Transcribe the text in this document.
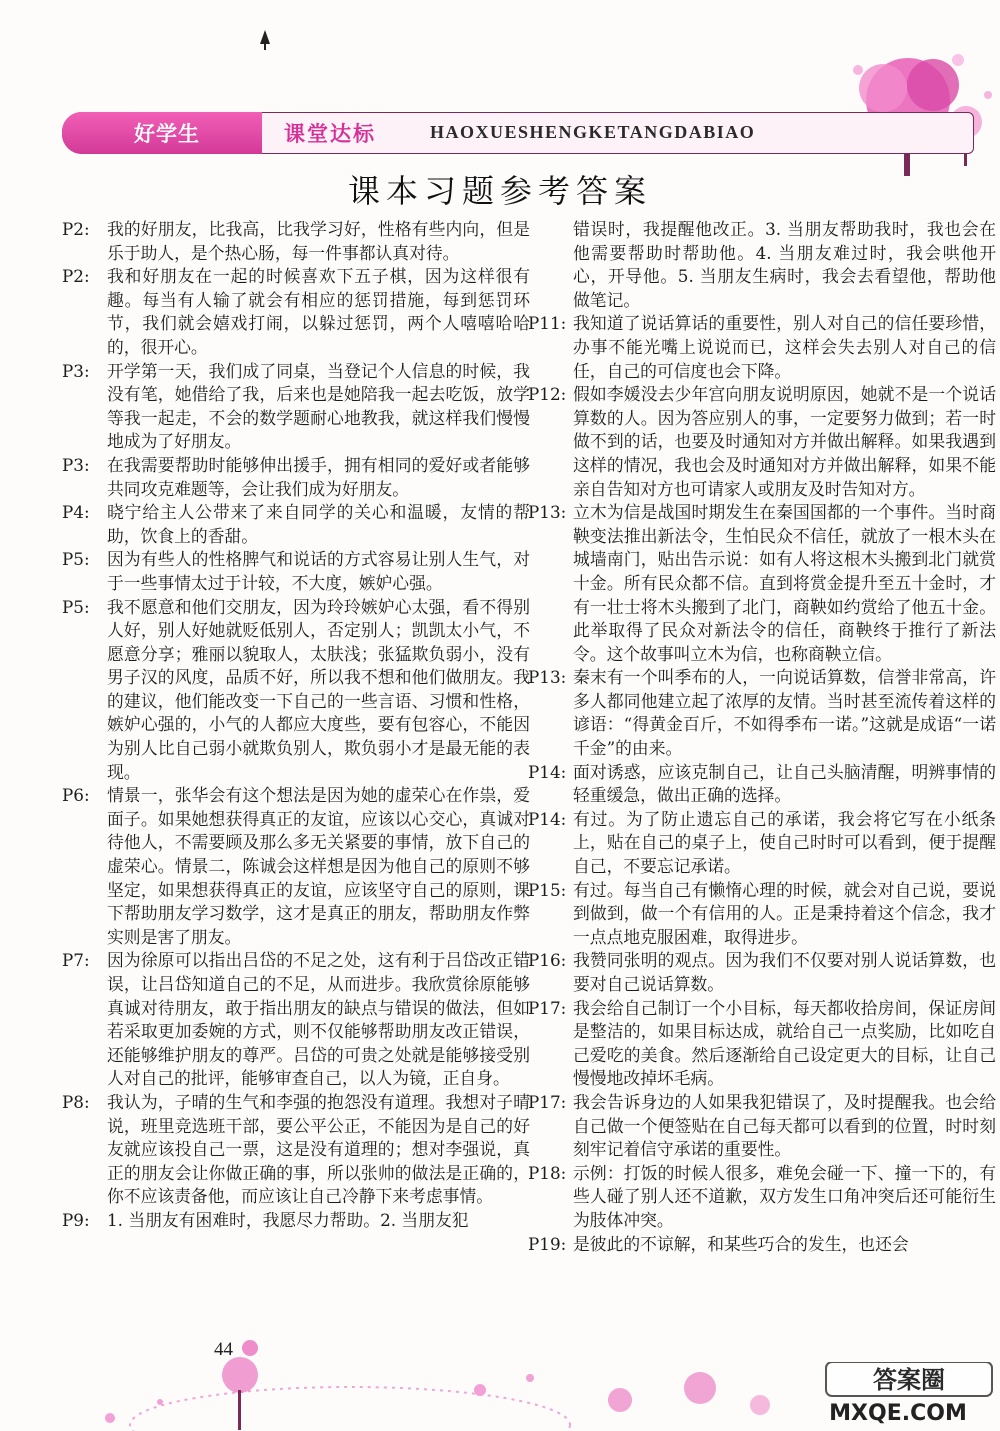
好学生	课堂达标	HAOXUESHENGKETANGDABIAO
课本习题参考答案
P2:	我的好朋友，比我高，比我学习好，性格有些内向，但是乐于助人，是个热心肠，每一件事都认真对待。
P2:	我和好朋友在一起的时候喜欢下五子棋，因为这样很有趣。每当有人输了就会有相应的惩罚措施，每到惩罚环节，我们就会嬉戏打闹，以躲过惩罚，两个人嘻嘻哈哈的，很开心。
P3:	开学第一天，我们成了同桌，当登记个人信息的时候，我没有笔，她借给了我，后来也是她陪我一起去吃饭，放学等我一起走，不会的数学题耐心地教我，就这样我们慢慢地成为了好朋友。
P3:	在我需要帮助时能够伸出援手，拥有相同的爱好或者能够共同攻克难题等，会让我们成为好朋友。
P4:	晓宁给主人公带来了来自同学的关心和温暖，友情的帮助，饮食上的香甜。
P5:	因为有些人的性格脾气和说话的方式容易让别人生气，对于一些事情太过于计较，不大度，嫉妒心强。
P5:	我不愿意和他们交朋友，因为玲玲嫉妒心太强，看不得别人好，别人好她就贬低别人，否定别人；凯凯太小气，不愿意分享；雅丽以貌取人，太肤浅；张猛欺负弱小，没有男子汉的风度，品质不好，所以我不想和他们做朋友。我的建议，他们能改变一下自己的一些言语、习惯和性格，嫉妒心强的，小气的人都应大度些，要有包容心，不能因为别人比自己弱小就欺负别人，欺负弱小才是最无能的表现。
P6:	情景一，张华会有这个想法是因为她的虚荣心在作祟，爱面子。如果她想获得真正的友谊，应该以心交心，真诚对待他人，不需要顾及那么多无关紧要的事情，放下自己的虚荣心。情景二，陈诚会这样想是因为他自己的原则不够坚定，如果想获得真正的友谊，应该坚守自己的原则，课下帮助朋友学习数学，这才是真正的朋友，帮助朋友作弊实则是害了朋友。
P7:	因为徐原可以指出吕岱的不足之处，这有利于吕岱改正错误，让吕岱知道自己的不足，从而进步。我欣赏徐原能够真诚对待朋友，敢于指出朋友的缺点与错误的做法，但如若采取更加委婉的方式，则不仅能够帮助朋友改正错误，还能够维护朋友的尊严。吕岱的可贵之处就是能够接受别人对自己的批评，能够审查自己，以人为镜，正自身。
P8:	我认为，子晴的生气和李强的抱怨没有道理。我想对子晴说，班里竞选班干部，要公平公正，不能因为是自己的好友就应该投自己一票，这是没有道理的；想对李强说，真正的朋友会让你做正确的事，所以张帅的做法是正确的，你不应该责备他，而应该让自己冷静下来考虑事情。
P9:	1. 当朋友有困难时，我愿尽力帮助。2. 当朋友犯
错误时，我提醒他改正。3. 当朋友帮助我时，我也会在他需要帮助时帮助他。4. 当朋友难过时，我会哄他开心，开导他。5. 当朋友生病时，我会去看望他，帮助他做笔记。
P11: 我知道了说话算话的重要性，别人对自己的信任要珍惜，办事不能光嘴上说说而已，这样会失去别人对自己的信任，自己的可信度也会下降。
P12: 假如李媛没去少年宫向朋友说明原因，她就不是一个说话算数的人。因为答应别人的事，一定要努力做到；若一时做不到的话，也要及时通知对方并做出解释。如果我遇到这样的情况，我也会及时通知对方并做出解释，如果不能亲自告知对方也可请家人或朋友及时告知对方。
P13: 立木为信是战国时期发生在秦国国都的一个事件。当时商鞅变法推出新法令，生怕民众不信任，就放了一根木头在城墙南门，贴出告示说：如有人将这根木头搬到北门就赏十金。所有民众都不信。直到将赏金提升至五十金时，才有一壮士将木头搬到了北门，商鞅如约赏给了他五十金。此举取得了民众对新法令的信任，商鞅终于推行了新法令。这个故事叫立木为信，也称商鞅立信。
P13: 秦末有一个叫季布的人，一向说话算数，信誉非常高，许多人都同他建立起了浓厚的友情。当时甚至流传着这样的谚语：“得黄金百斤，不如得季布一诺。”这就是成语“一诺千金”的由来。
P14: 面对诱惑，应该克制自己，让自己头脑清醒，明辨事情的轻重缓急，做出正确的选择。
P14: 有过。为了防止遗忘自己的承诺，我会将它写在小纸条上，贴在自己的桌子上，使自己时时可以看到，便于提醒自己，不要忘记承诺。
P15: 有过。每当自己有懒惰心理的时候，就会对自己说，要说到做到，做一个有信用的人。正是秉持着这个信念，我才一点点地克服困难，取得进步。
P16: 我赞同张明的观点。因为我们不仅要对别人说话算数，也要对自己说话算数。
P17: 我会给自己制订一个小目标，每天都收拾房间，保证房间是整洁的，如果目标达成，就给自己一点奖励，比如吃自己爱吃的美食。然后逐渐给自己设定更大的目标，让自己慢慢地改掉坏毛病。
P17: 我会告诉身边的人如果我犯错误了，及时提醒我。也会给自己做一个便签贴在自己每天都可以看到的位置，时时刻刻牢记着信守承诺的重要性。
P18: 示例：打饭的时候人很多，难免会碰一下、撞一下的，有些人碰了别人还不道歉，双方发生口角冲突后还可能衍生为肢体冲突。
P19: 是彼此的不谅解，和某些巧合的发生，也还会
44
答案圈
MXQE.COM
